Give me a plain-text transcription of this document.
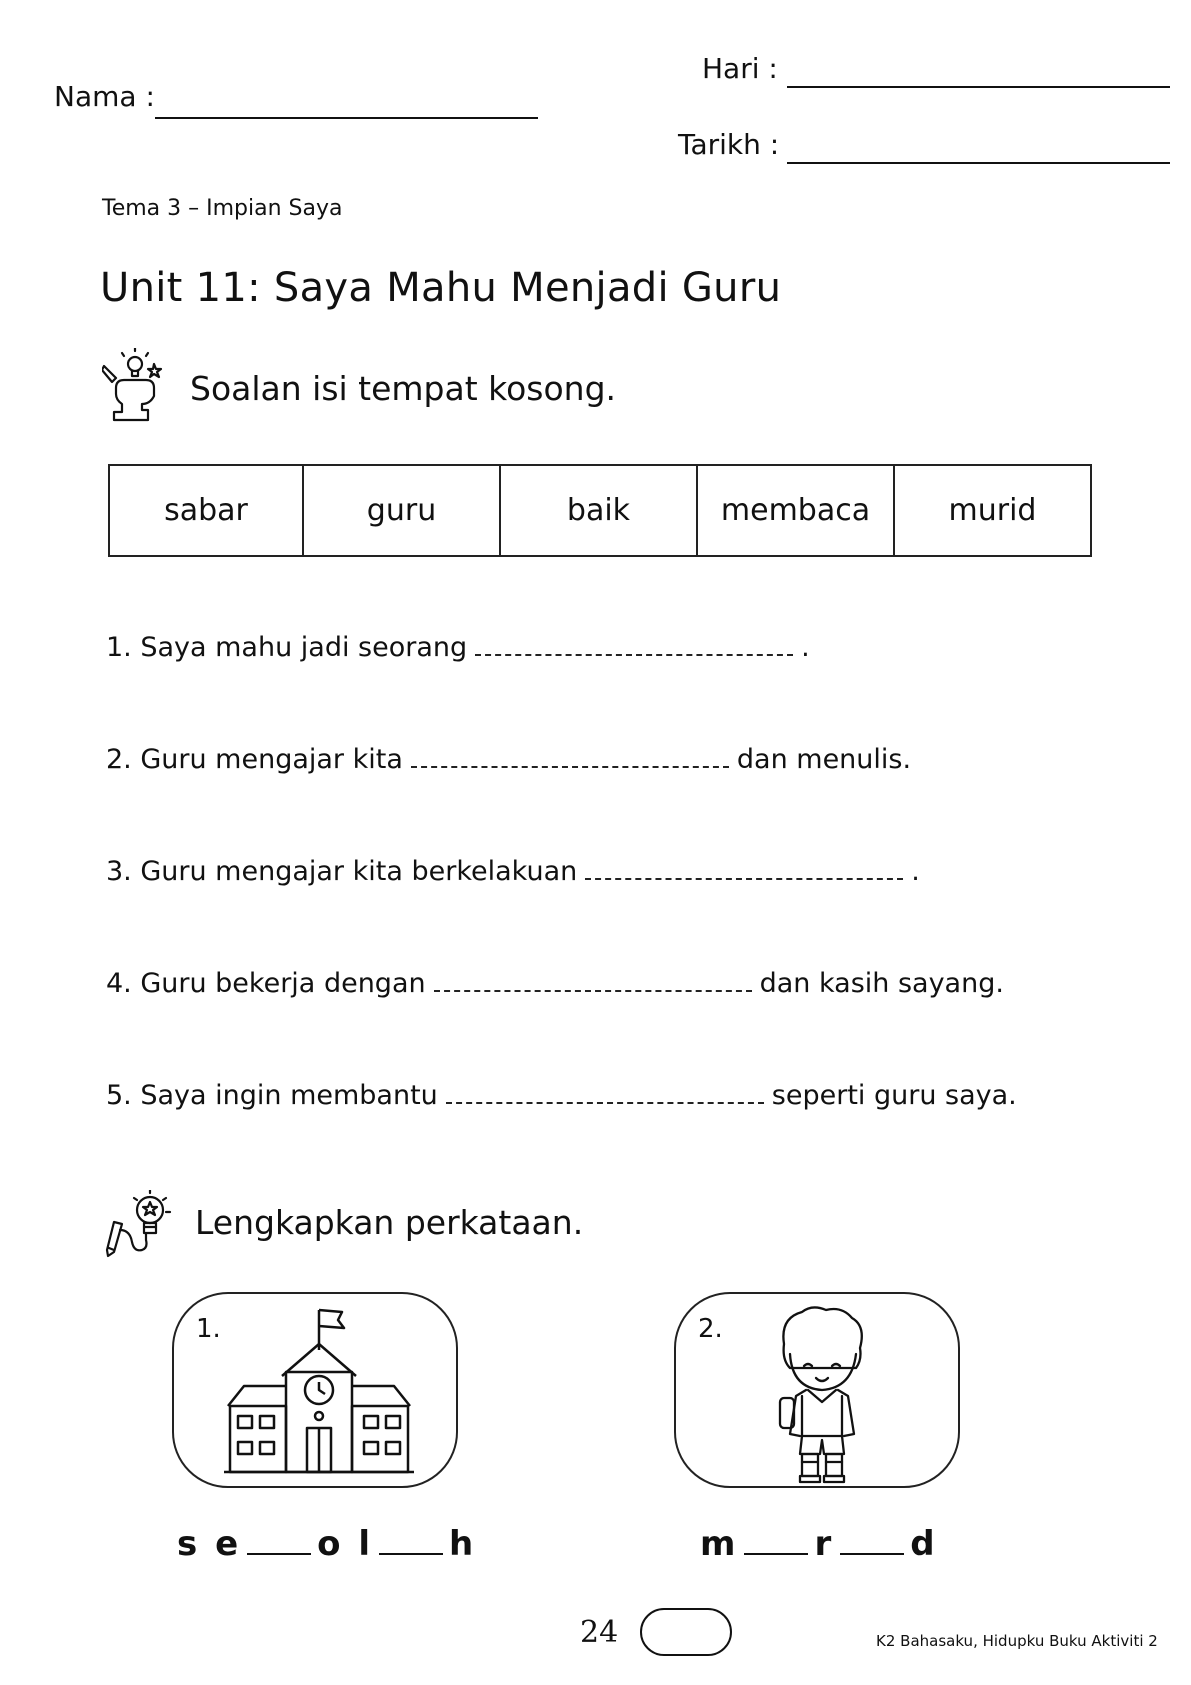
Nama :
Hari :
Tarikh :
Tema 3 – Impian Saya
Unit 11: Saya Mahu Menjadi Guru
Soalan isi tempat kosong.
sabar	guru	baik	membaca	murid
1. Saya mahu jadi seorang	.
2. Guru mengajar kita	dan menulis.
3. Guru mengajar kita berkelakuan	.
4. Guru bekerja dengan	dan kasih sayang.
5. Saya ingin membantu	seperti guru saya.
Lengkapkan perkataan.
1.	2.
s e o l h	m r d
24	K2 Bahasaku, Hidupku Buku Aktiviti 2
